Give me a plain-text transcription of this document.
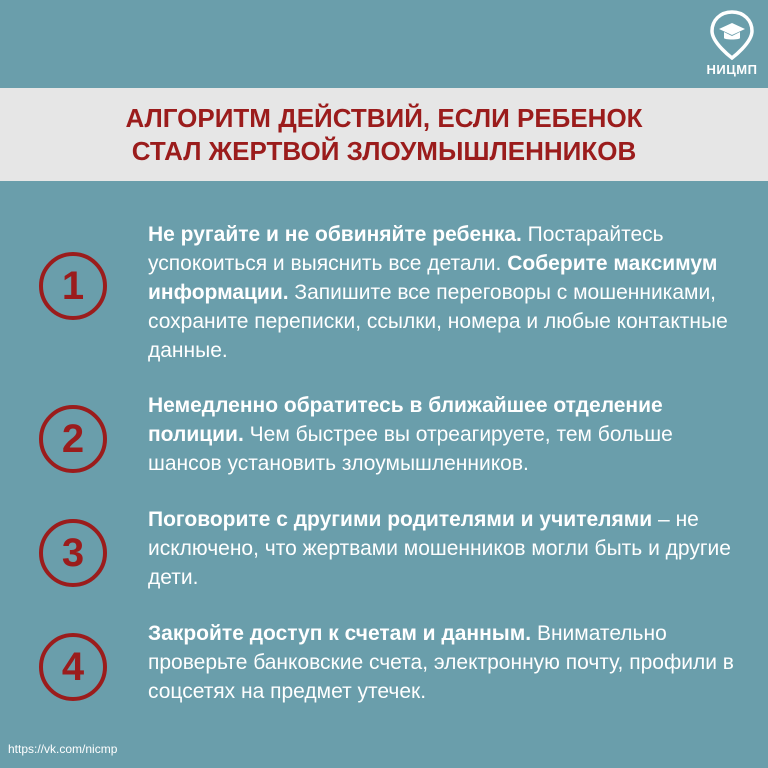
НИЦМП
АЛГОРИТМ ДЕЙСТВИЙ, ЕСЛИ РЕБЕНОК
СТАЛ ЖЕРТВОЙ ЗЛОУМЫШЛЕННИКОВ
1
Не ругайте и не обвиняйте ребенка. Постарайтесь успокоиться и выяснить все детали. Соберите максимум информации. Запишите все переговоры с мошенниками, сохраните переписки, ссылки, номера и любые контактные данные.
2
Немедленно обратитесь в ближайшее отделение полиции. Чем быстрее вы отреагируете, тем больше шансов установить злоумышленников.
3
Поговорите с другими родителями и учителями – не исключено, что жертвами мошенников могли быть и другие дети.
4
Закройте доступ к счетам и данным. Внимательно проверьте банковские счета, электронную почту, профили в соцсетях на предмет утечек.
https://vk.com/nicmp
